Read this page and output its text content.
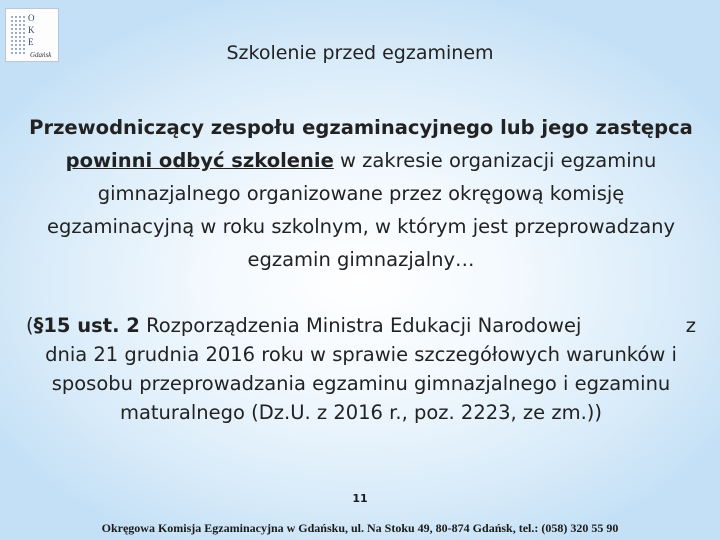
O
K
E
Gdańsk	Szkolenie przed egzaminem
Przewodniczący zespołu egzaminacyjnego lub jego zastępca powinni odbyć szkolenie w zakresie organizacji egzaminu gimnazjalnego organizowane przez okręgową komisję egzaminacyjną w roku szkolnym, w którym jest przeprowadzany egzamin gimnazjalny…
(§15 ust. 2 Rozporządzenia Ministra Edukacji Narodowej	z
dnia 21 grudnia 2016 roku w sprawie szczegółowych warunków i sposobu przeprowadzania egzaminu gimnazjalnego i egzaminu maturalnego (Dz.U. z 2016 r., poz. 2223, ze zm.))
11
Okręgowa Komisja Egzaminacyjna w Gdańsku, ul. Na Stoku 49, 80-874 Gdańsk, tel.: (058) 320 55 90
